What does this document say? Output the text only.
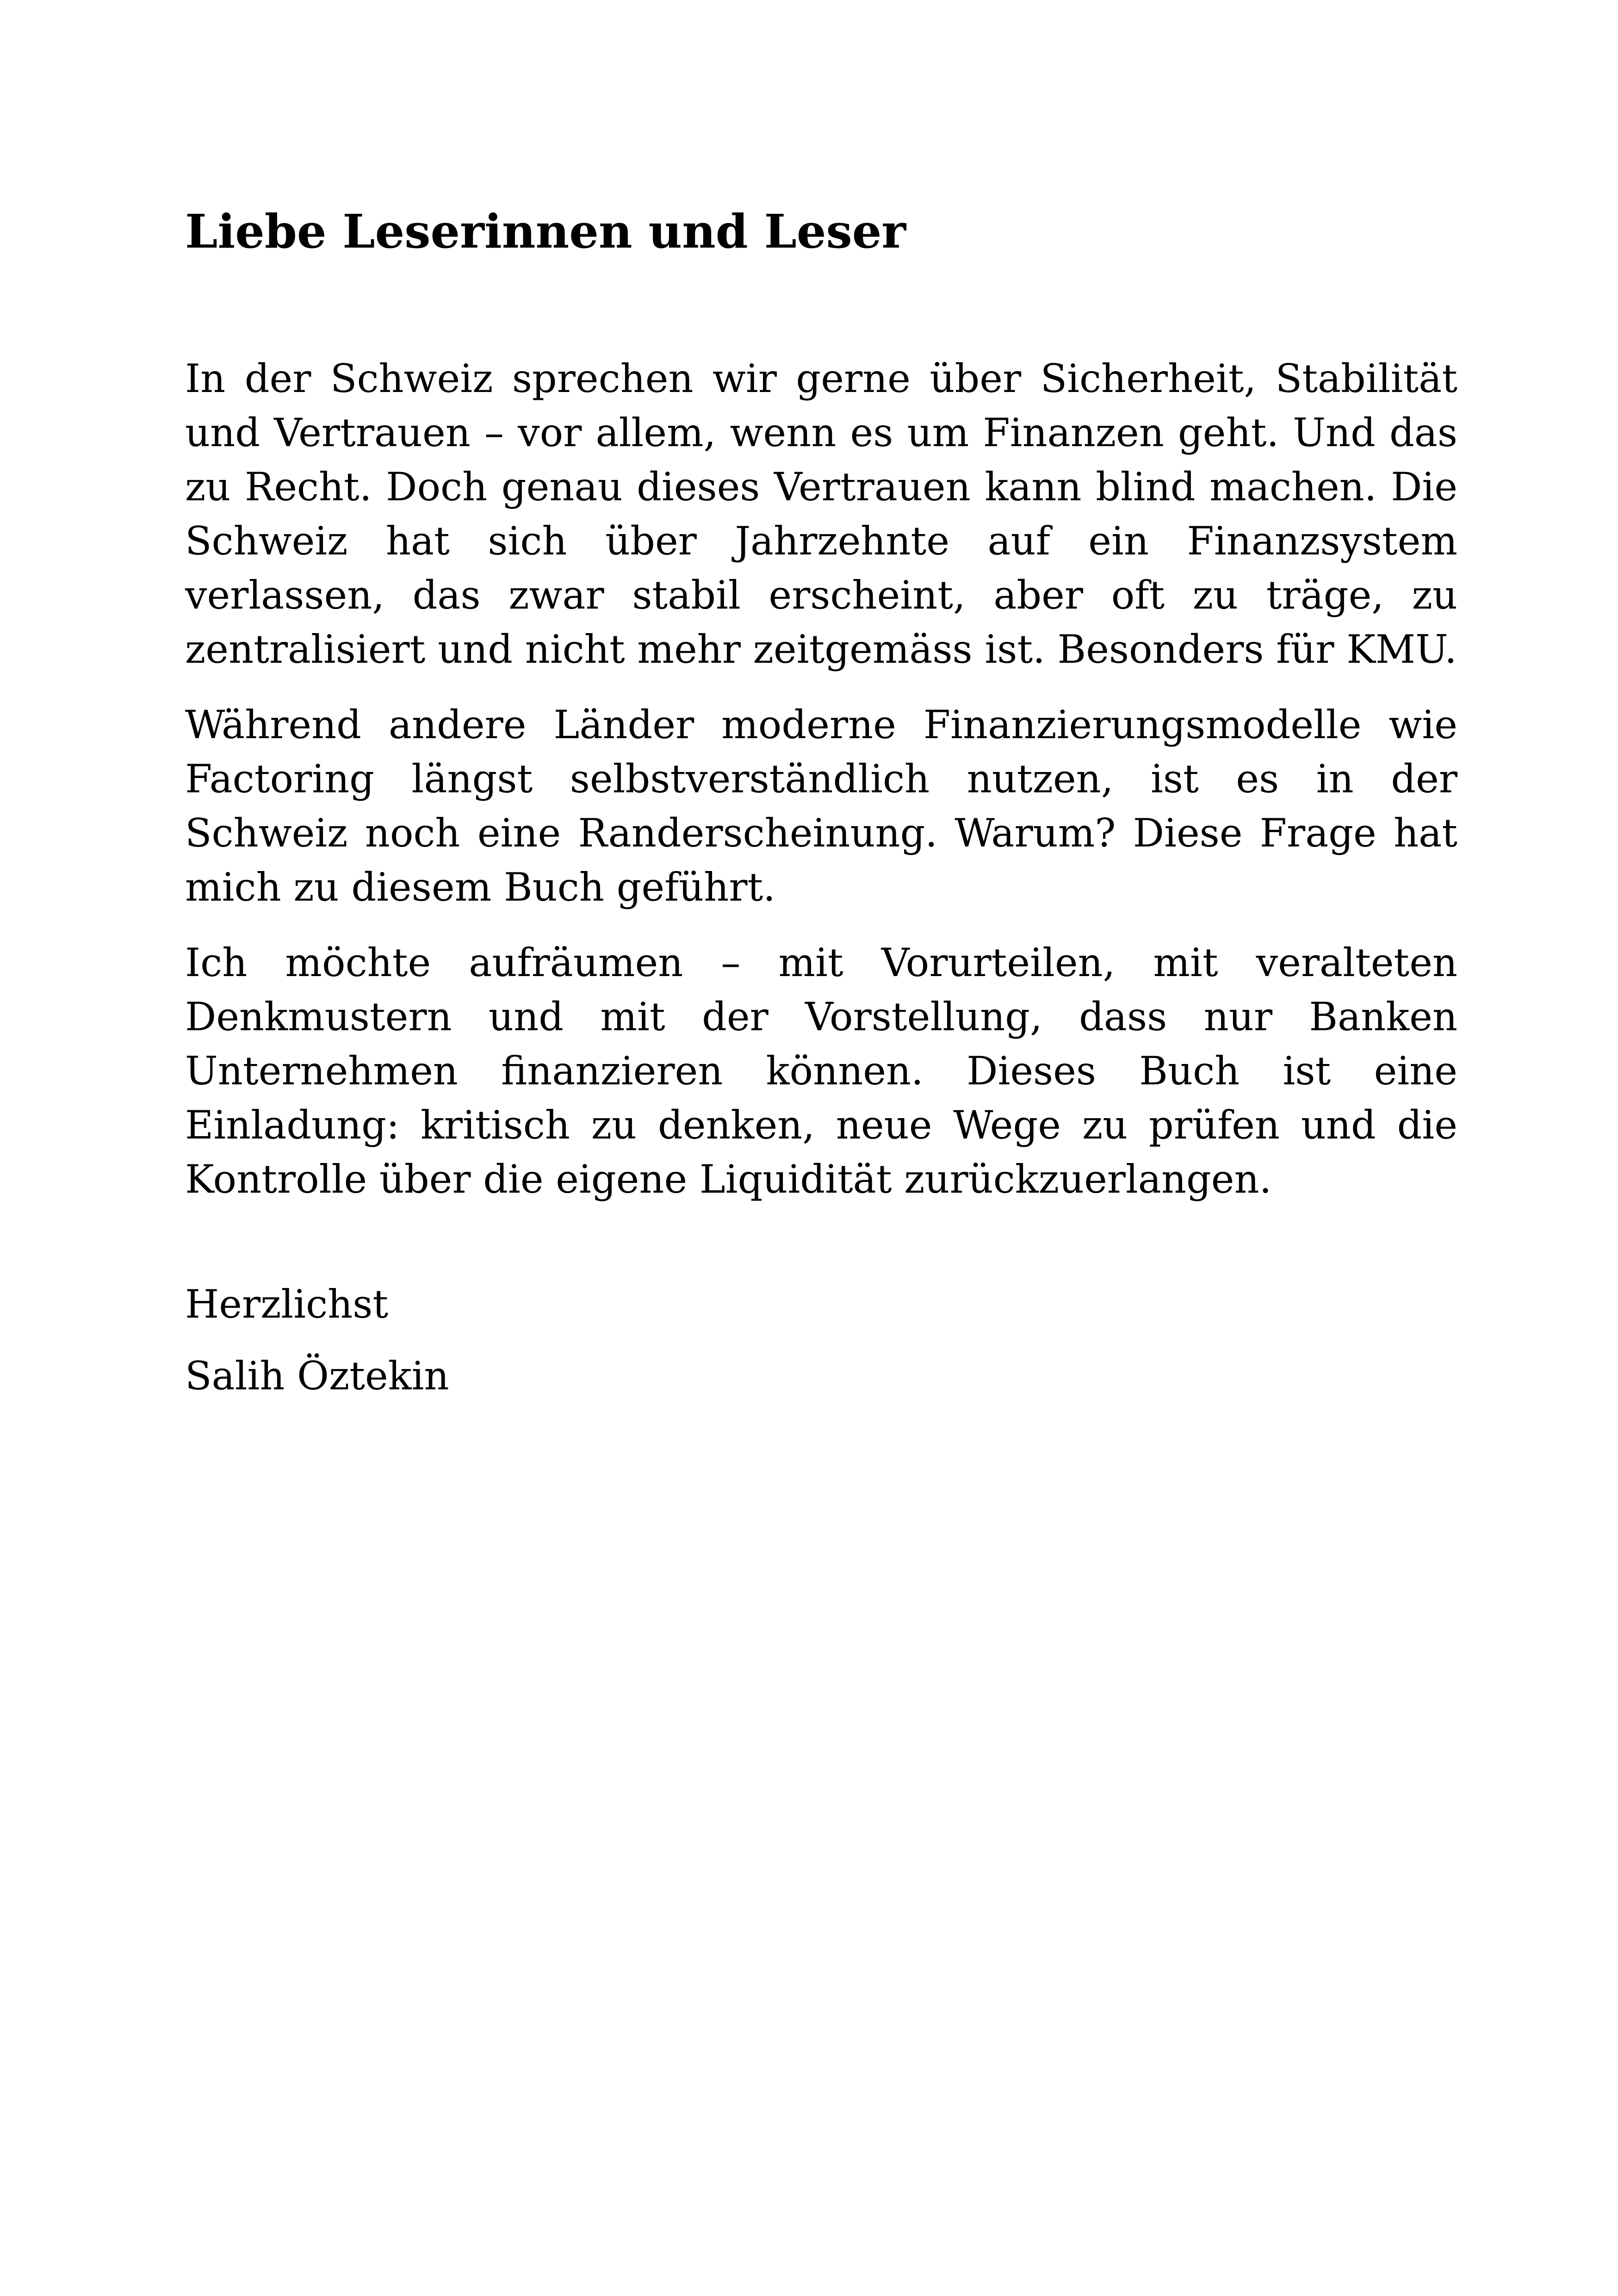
Liebe Leserinnen und Leser

In der Schweiz sprechen wir gerne über Sicherheit, Stabilität und Vertrauen – vor allem, wenn es um Finanzen geht. Und das zu Recht. Doch genau dieses Vertrauen kann blind machen. Die Schweiz hat sich über Jahrzehnte auf ein Finanzsystem verlassen, das zwar stabil erscheint, aber oft zu träge, zu zentralisiert und nicht mehr zeitgemäss ist. Besonders für KMU.

Während andere Länder moderne Finanzierungsmodelle wie Factoring längst selbstverständlich nutzen, ist es in der Schweiz noch eine Randerscheinung. Warum? Diese Frage hat mich zu diesem Buch geführt.

Ich möchte aufräumen – mit Vorurteilen, mit veralteten Denkmustern und mit der Vorstellung, dass nur Banken Unternehmen finanzieren können. Dieses Buch ist eine Einladung: kritisch zu denken, neue Wege zu prüfen und die Kontrolle über die eigene Liquidität zurückzuerlangen.

Herzlichst

Salih Öztekin
